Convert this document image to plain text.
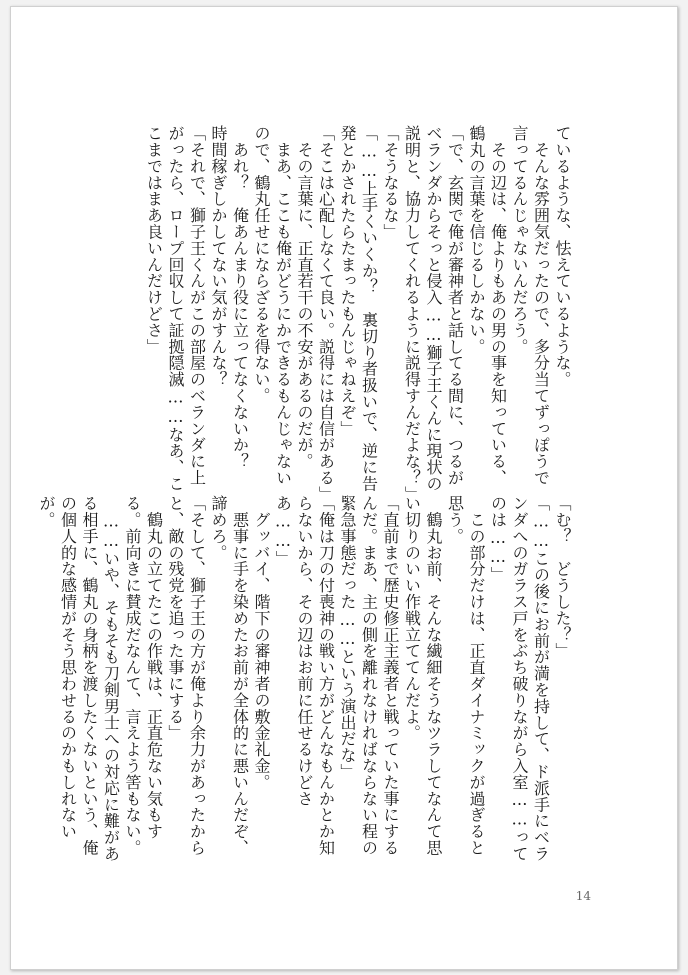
ているような、怯えているような。

　そんな雰囲気だったので、多分当てずっぽうで言ってるんじゃないんだろう。

　その辺は、俺よりもあの男の事を知っている、鶴丸の言葉を信じるしかない。

「で、玄関で俺が審神者と話してる間に、つるがベランダからそっと侵入……獅子王くんに現状の説明と、協力してくれるように説得すんだよな？」

「そうなるな」

「……上手くいくか？　裏切り者扱いで、逆に告発とかされたらたまったもんじゃねえぞ」

「そこは心配しなくて良い。説得には自信がある」

　その言葉に、正直若干の不安があるのだが。

　まあ、ここも俺がどうにかできるもんじゃないので、鶴丸任せにならざるを得ない。

　あれ？　俺あんまり役に立ってなくないか？　時間稼ぎしかしてない気がすんな？

「それで、獅子王くんがこの部屋のベランダに上がったら、ロープ回収して証拠隠滅……なあ、ここまではまあ良いんだけどさ」

「む？　どうした？」

「……この後にお前が満を持して、ド派手にベランダへのガラス戸をぶち破りながら入室……ってのは……」

　この部分だけは、正直ダイナミックが過ぎると思う。

　鶴丸お前、そんな繊細そうなツラしてなんて思い切りのいい作戦立ててんだよ。

「直前まで歴史修正主義者と戦っていた事にするんだ。まあ、主の側を離れなければならない程の緊急事態だった……という演出だな」

「俺は刀の付喪神の戦い方がどんなもんかとか知らないから、その辺はお前に任せるけどさあ……」

　グッバイ、階下の審神者の敷金礼金。

　悪事に手を染めたお前が全体的に悪いんだぞ、諦めろ。

「そして、獅子王の方が俺より余力があったからと、敵の残党を追った事にする」

　鶴丸の立てたこの作戦は、正直危ない気もする。前向きに賛成だなんて、言えよう筈もない。

　……いや、そもそも刀剣男士への対応に難がある相手に、鶴丸の身柄を渡したくないという、俺の個人的な感情がそう思わせるのかもしれないが。

14
